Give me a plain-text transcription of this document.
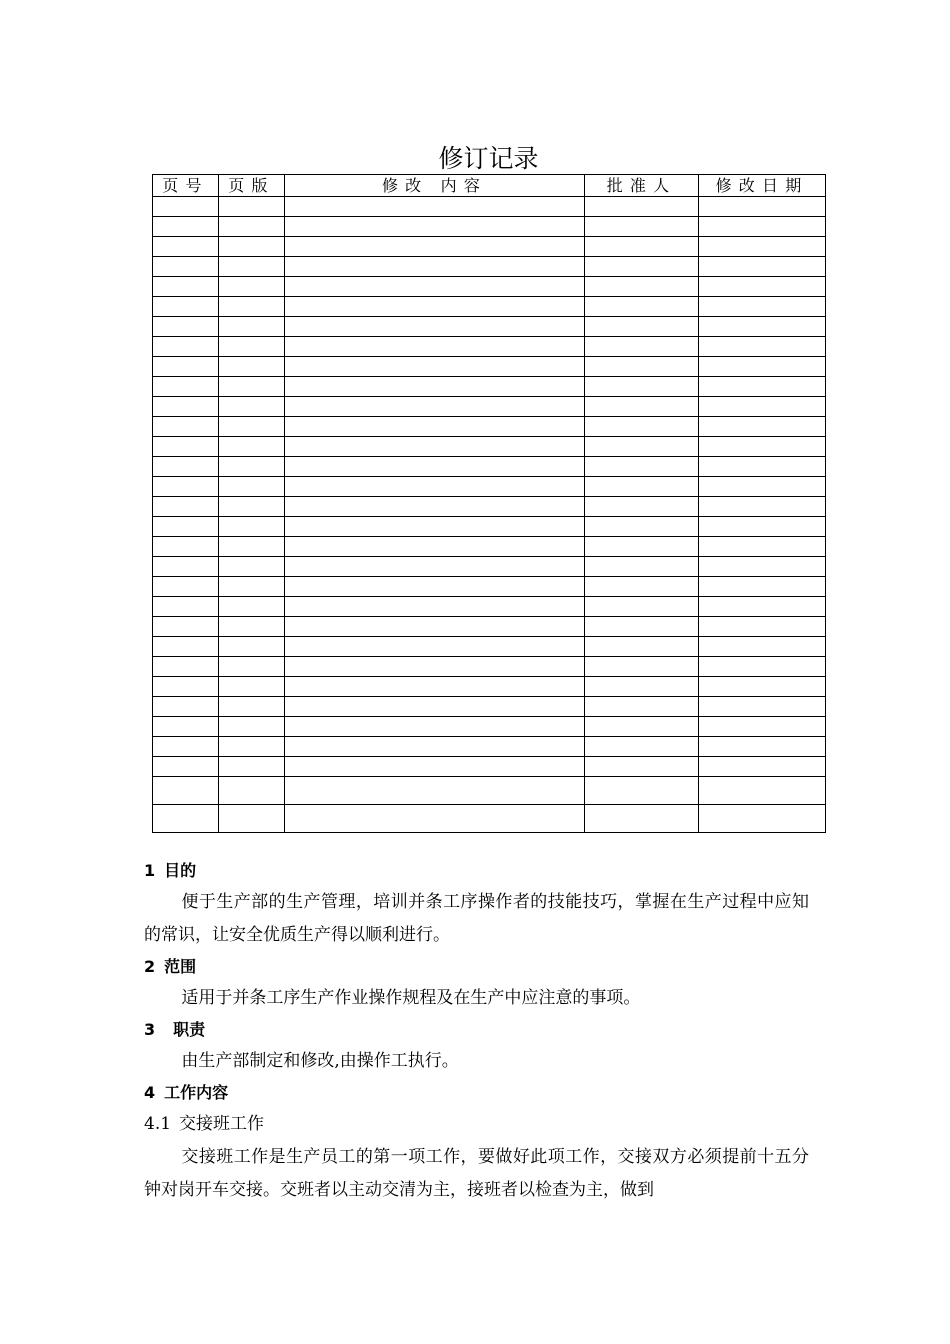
修订记录
页号	页版	修改 内容	批准人	修改日期

1 目的

便于生产部的生产管理，培训并条工序操作者的技能技巧，掌握在生产过程中应知的常识，让安全优质生产得以顺利进行。

2 范围

适用于并条工序生产作业操作规程及在生产中应注意的事项。

3 职责

由生产部制定和修改,由操作工执行。

4 工作内容
4.1 交接班工作

交接班工作是生产员工的第一项工作，要做好此项工作，交接双方必须提前十五分钟对岗开车交接。交班者以主动交清为主，接班者以检查为主，做到
